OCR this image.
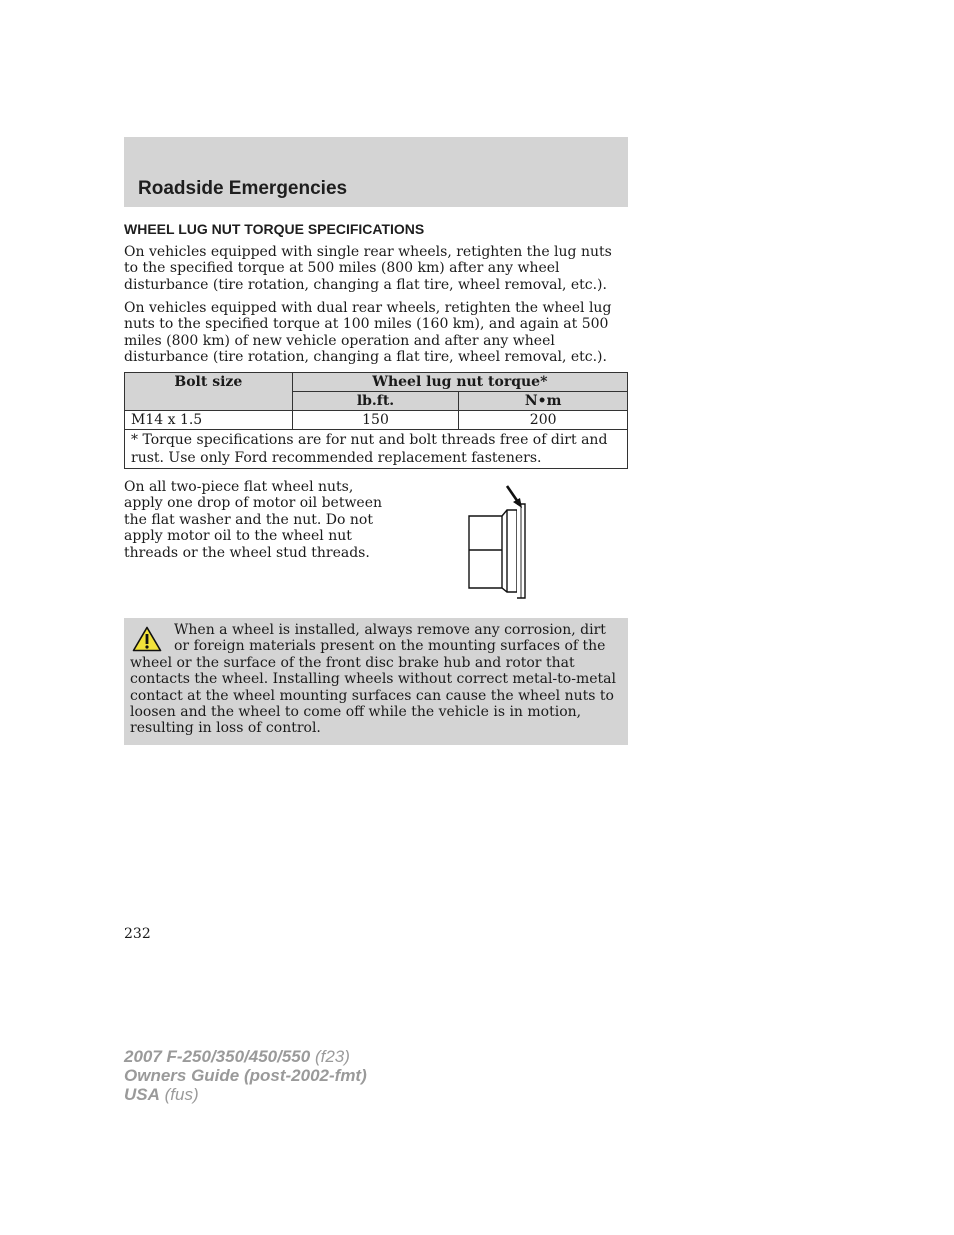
Roadside Emergencies
WHEEL LUG NUT TORQUE SPECIFICATIONS

On vehicles equipped with single rear wheels, retighten the lug nuts to the specified torque at 500 miles (800 km) after any wheel disturbance (tire rotation, changing a flat tire, wheel removal, etc.).

On vehicles equipped with dual rear wheels, retighten the wheel lug nuts to the specified torque at 100 miles (160 km), and again at 500 miles (800 km) of new vehicle operation and after any wheel disturbance (tire rotation, changing a flat tire, wheel removal, etc.).

Bolt size	Wheel lug nut torque*	
	lb.ft.	N•m
M14 x 1.5	150	200
* Torque specifications are for nut and bolt threads free of dirt and rust. Use only Ford recommended replacement fasteners.		

On all two-piece flat wheel nuts, apply one drop of motor oil between the flat washer and the nut. Do not apply motor oil to the wheel nut threads or the wheel stud threads.

When a wheel is installed, always remove any corrosion, dirt or foreign materials present on the mounting surfaces of the wheel or the surface of the front disc brake hub and rotor that contacts the wheel. Installing wheels without correct metal-to-metal contact at the wheel mounting surfaces can cause the wheel nuts to loosen and the wheel to come off while the vehicle is in motion, resulting in loss of control.

232
2007 F-250/350/450/550 (f23)
Owners Guide (post-2002-fmt)
USA (fus)
